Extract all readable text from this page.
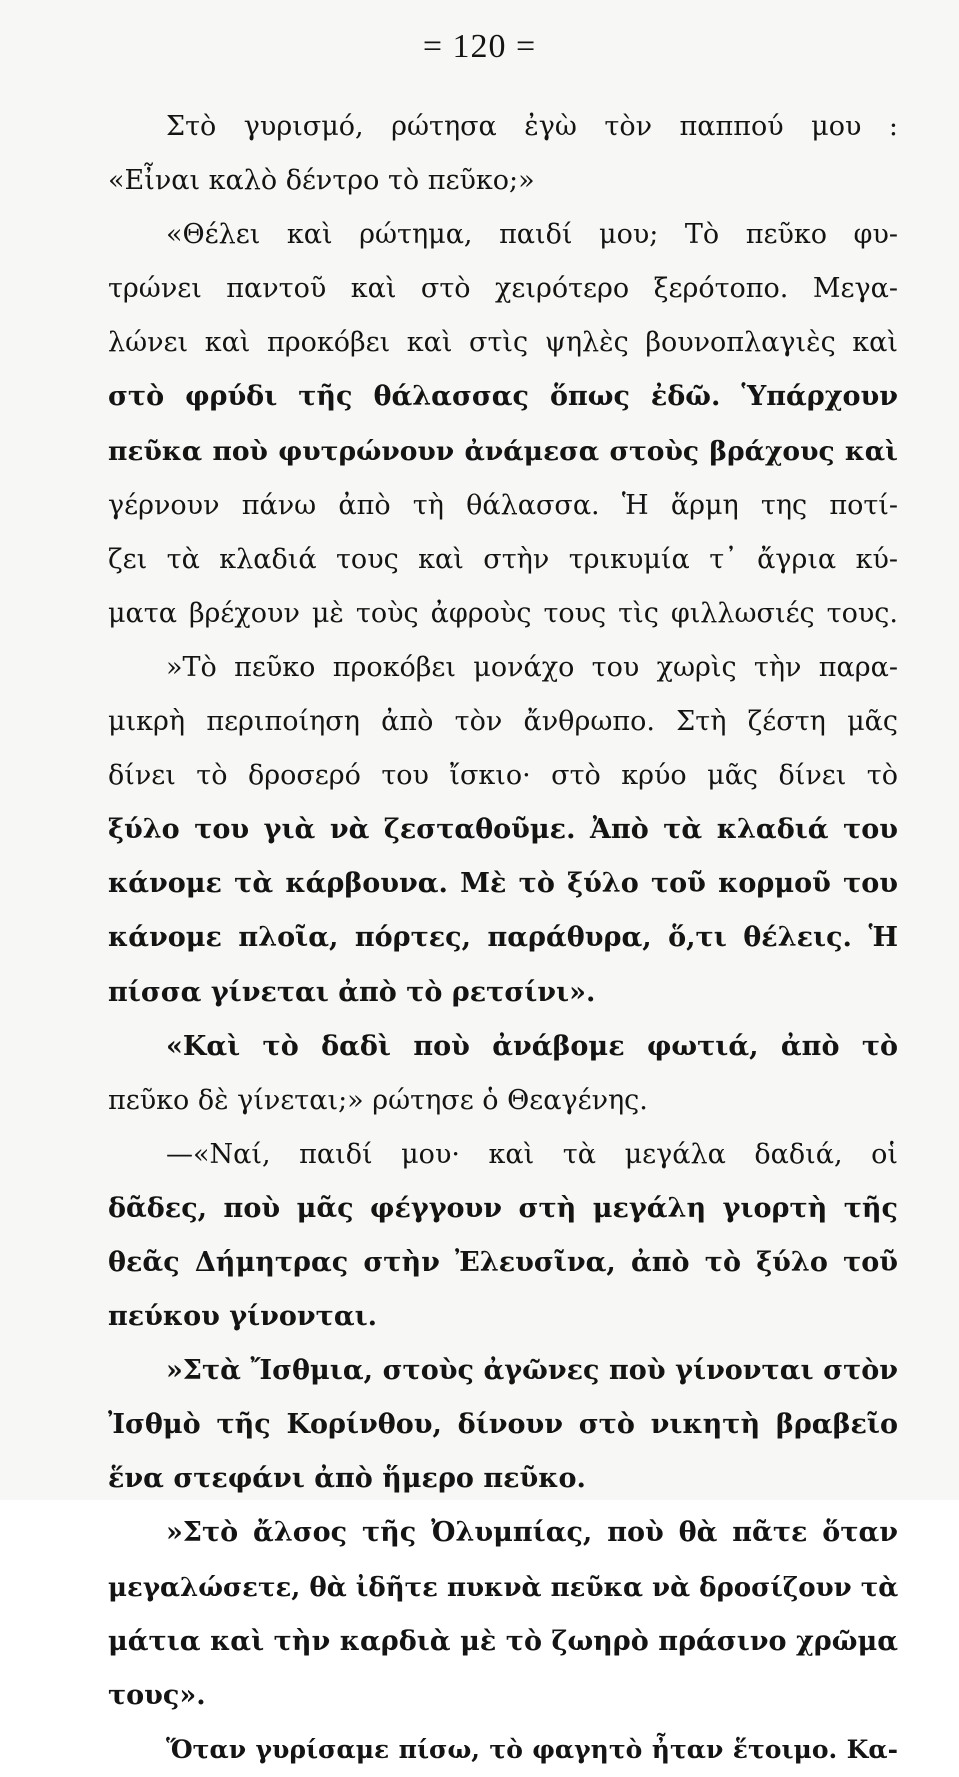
= 120 =
Στὸ γυρισμό, ρώτησα ἐγὼ τὸν παππού μου :
«Εἶναι καλὸ δέντρο τὸ πεῦκο;»
«Θέλει καὶ ρώτημα, παιδί μου; Τὸ πεῦκο φυ-
τρώνει παντοῦ καὶ στὸ χειρότερο ξερότοπο. Μεγα-
λώνει καὶ προκόβει καὶ στὶς ψηλὲς βουνοπλαγιὲς καὶ
στὸ φρύδι τῆς θάλασσας ὅπως ἐδῶ. Ὑπάρχουν
πεῦκα ποὺ φυτρώνουν ἀνάμεσα στοὺς βράχους καὶ
γέρνουν πάνω ἀπὸ τὴ θάλασσα. Ἡ ἅρμη της ποτί-
ζει τὰ κλαδιά τους καὶ στὴν τρικυμία τ᾽ ἄγρια κύ-
ματα βρέχουν μὲ τοὺς ἀφροὺς τους τὶς φιλλωσιές τους.
»Τὸ πεῦκο προκόβει μονάχο του χωρὶς τὴν παρα-
μικρὴ περιποίηση ἀπὸ τὸν ἄνθρωπο. Στὴ ζέστη μᾶς
δίνει τὸ δροσερό του ἴσκιο· στὸ κρύο μᾶς δίνει τὸ
ξύλο του γιὰ νὰ ζεσταθοῦμε. Ἀπὸ τὰ κλαδιά του
κάνομε τὰ κάρβουνα. Μὲ τὸ ξύλο τοῦ κορμοῦ του
κάνομε πλοῖα, πόρτες, παράθυρα, ὅ,τι θέλεις. Ἡ
πίσσα γίνεται ἀπὸ τὸ ρετσίνι».
«Καὶ τὸ δαδὶ ποὺ ἀνάβομε φωτιά, ἀπὸ τὸ
πεῦκο δὲ γίνεται;» ρώτησε ὁ Θεαγένης.
—«Ναί, παιδί μου· καὶ τὰ μεγάλα δαδιά, οἱ
δᾶδες, ποὺ μᾶς φέγγουν στὴ μεγάλη γιορτὴ τῆς
θεᾶς Δήμητρας στὴν Ἐλευσῖνα, ἀπὸ τὸ ξύλο τοῦ
πεύκου γίνονται.
»Στὰ Ἴσθμια, στοὺς ἀγῶνες ποὺ γίνονται στὸν
Ἰσθμὸ τῆς Κορίνθου, δίνουν στὸ νικητὴ βραβεῖο
ἕνα στεφάνι ἀπὸ ἥμερο πεῦκο.
»Στὸ ἄλσος τῆς Ὀλυμπίας, ποὺ θὰ πᾶτε ὅταν
μεγαλώσετε, θὰ ἰδῆτε πυκνὰ πεῦκα νὰ δροσίζουν τὰ
μάτια καὶ τὴν καρδιὰ μὲ τὸ ζωηρὸ πράσινο χρῶμα
τους».
Ὅταν γυρίσαμε πίσω, τὸ φαγητὸ ἦταν ἕτοιμο. Κα-
